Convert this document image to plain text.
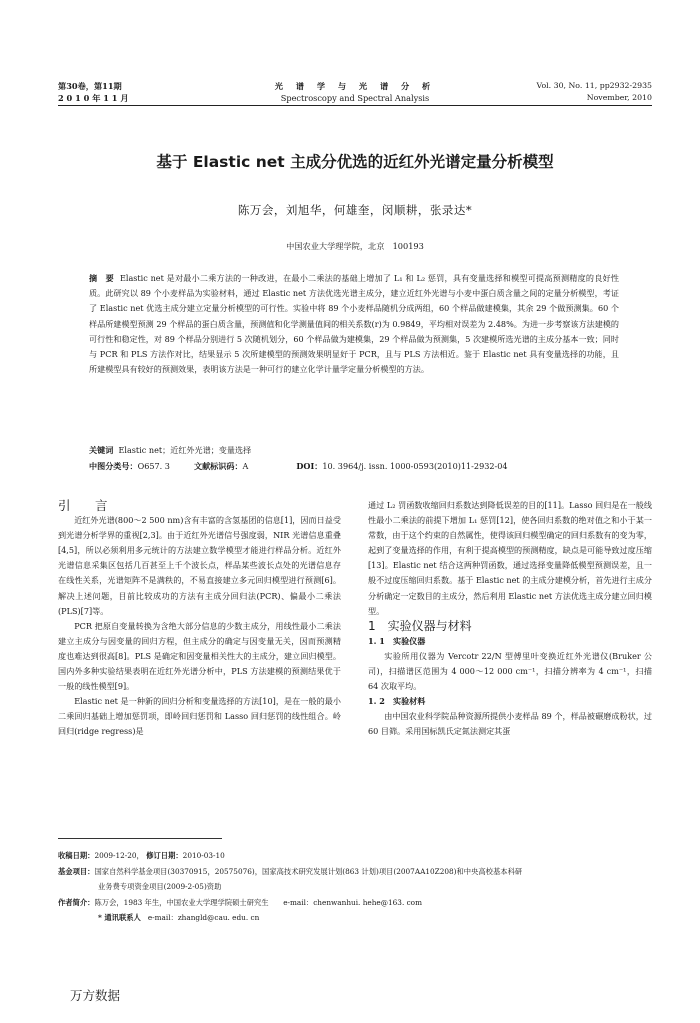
第30卷，第11期
2 0 1 0 年 1 1 月
光 谱 学 与 光 谱 分 析
Spectroscopy and Spectral Analysis
Vol. 30, No. 11, pp2932-2935
November, 2010
基于 Elastic net 主成分优选的近红外光谱定量分析模型
陈万会，刘旭华，何雄奎，闵顺耕，张录达*
中国农业大学理学院，北京　100193
摘　要 Elastic net 是对最小二乘方法的一种改进，在最小二乘法的基础上增加了 L₁ 和 L₂ 惩罚，具有变量选择和模型可提高预测精度的良好性质。此研究以 89 个小麦样品为实验材料，通过 Elastic net 方法优选光谱主成分，建立近红外光谱与小麦中蛋白质含量之间的定量分析模型，考证了 Elastic net 优选主成分建立定量分析模型的可行性。实验中将 89 个小麦样品随机分成两组，60 个样品做建模集，其余 29 个做预测集。60 个样品所建模型预测 29 个样品的蛋白质含量，预测值和化学测量值间的相关系数(r)为 0.9849，平均相对误差为 2.48%。为进一步考察该方法建模的可行性和稳定性，对 89 个样品分别进行 5 次随机划分，60 个样品做为建模集，29 个样品做为预测集，5 次建模所选光谱的主成分基本一致；同时与 PCR 和 PLS 方法作对比，结果显示 5 次所建模型的预测效果明显好于 PCR，且与 PLS 方法相近。鉴于 Elastic net 具有变量选择的功能，且所建模型具有较好的预测效果，表明该方法是一种可行的建立化学计量学定量分析模型的方法。
关键词 Elastic net；近红外光谱；变量选择
中图分类号：O657. 3	文献标识码：A	DOI：10. 3964/j. issn. 1000-0593(2010)11-2932-04

引　言

近红外光谱(800～2 500 nm)含有丰富的含氢基团的信息[1]，因而日益受到光谱分析学界的重视[2,3]。由于近红外光谱信号强度弱，NIR 光谱信息重叠[4,5]，所以必须利用多元统计的方法建立数学模型才能进行样品分析。近红外光谱信息采集区包括几百甚至上千个波长点，样品某些波长点处的光谱信息存在线性关系，光谱矩阵不是满秩的，不易直接建立多元回归模型进行预测[6]。解决上述问题，目前比较成功的方法有主成分回归法(PCR)、偏最小二乘法(PLS)[7]等。

PCR 把原自变量转换为含绝大部分信息的少数主成分，用线性最小二乘法建立主成分与因变量的回归方程，但主成分的确定与因变量无关，因而预测精度也难达到很高[8]。PLS 是确定和因变量相关性大的主成分，建立回归模型。国内外多种实验结果表明在近红外光谱分析中，PLS 方法建模的预测结果优于一般的线性模型[9]。

Elastic net 是一种新的回归分析和变量选择的方法[10]，是在一般的最小二乘回归基础上增加惩罚项，即岭回归惩罚和 Lasso 回归惩罚的线性组合。岭回归(ridge regress)是

通过 L₂ 罚函数收缩回归系数达到降低误差的目的[11]。Lasso 回归是在一般线性最小二乘法的前提下增加 L₁ 惩罚[12]，使各回归系数的绝对值之和小于某一常数，由于这个约束的自然属性，使得该回归模型确定的回归系数有的变为零，起到了变量选择的作用，有利于提高模型的预测精度，缺点是可能导致过度压缩[13]。Elastic net 结合这两种罚函数，通过选择变量降低模型预测误差，且一般不过度压缩回归系数。基于 Elastic net 的主成分建模分析，首先进行主成分分析确定一定数目的主成分，然后利用 Elastic net 方法优选主成分建立回归模型。

1　实验仪器与材料

1. 1　实验仪器

实验所用仪器为 Vercotr 22/N 型傅里叶变换近红外光谱仪(Bruker 公司)，扫描谱区范围为 4 000～12 000 cm⁻¹，扫描分辨率为 4 cm⁻¹，扫描 64 次取平均。

1. 2　实验材料

由中国农业科学院品种资源所提供小麦样品 89 个，样品被碾磨成粉状，过 60 目筛。采用国标凯氏定氮法测定其蛋

收稿日期：2009-12-20， 修订日期：2010-03-10
基金项目：国家自然科学基金项目(30370915，20575076)，国家高技术研究发展计划(863 计划)项目(2007AA10Z208)和中央高校基本科研
业务费专项资金项目(2009-2-05)资助
作者简介：陈万会，1983 年生，中国农业大学理学院硕士研究生　　e-mail：chenwanhui. hehe@163. com
* 通讯联系人 e-mail：zhangld@cau. edu. cn
万方数据
